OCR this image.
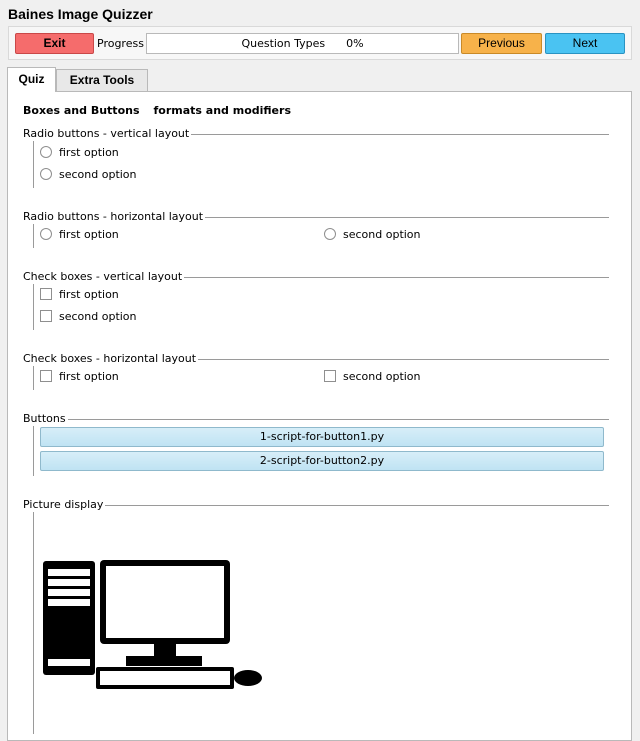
Baines Image Quizzer
Exit	Progress	Question Types      0%	Previous	Next
Quiz	Extra Tools
Boxes and Buttons formats and modifiers
Radio buttons - vertical layout
first option
second option
Radio buttons - horizontal layout
first option	second option
Check boxes - vertical layout
first option
second option
Check boxes - horizontal layout
first option	second option
Buttons
1-script-for-button1.py
2-script-for-button2.py
Picture display
